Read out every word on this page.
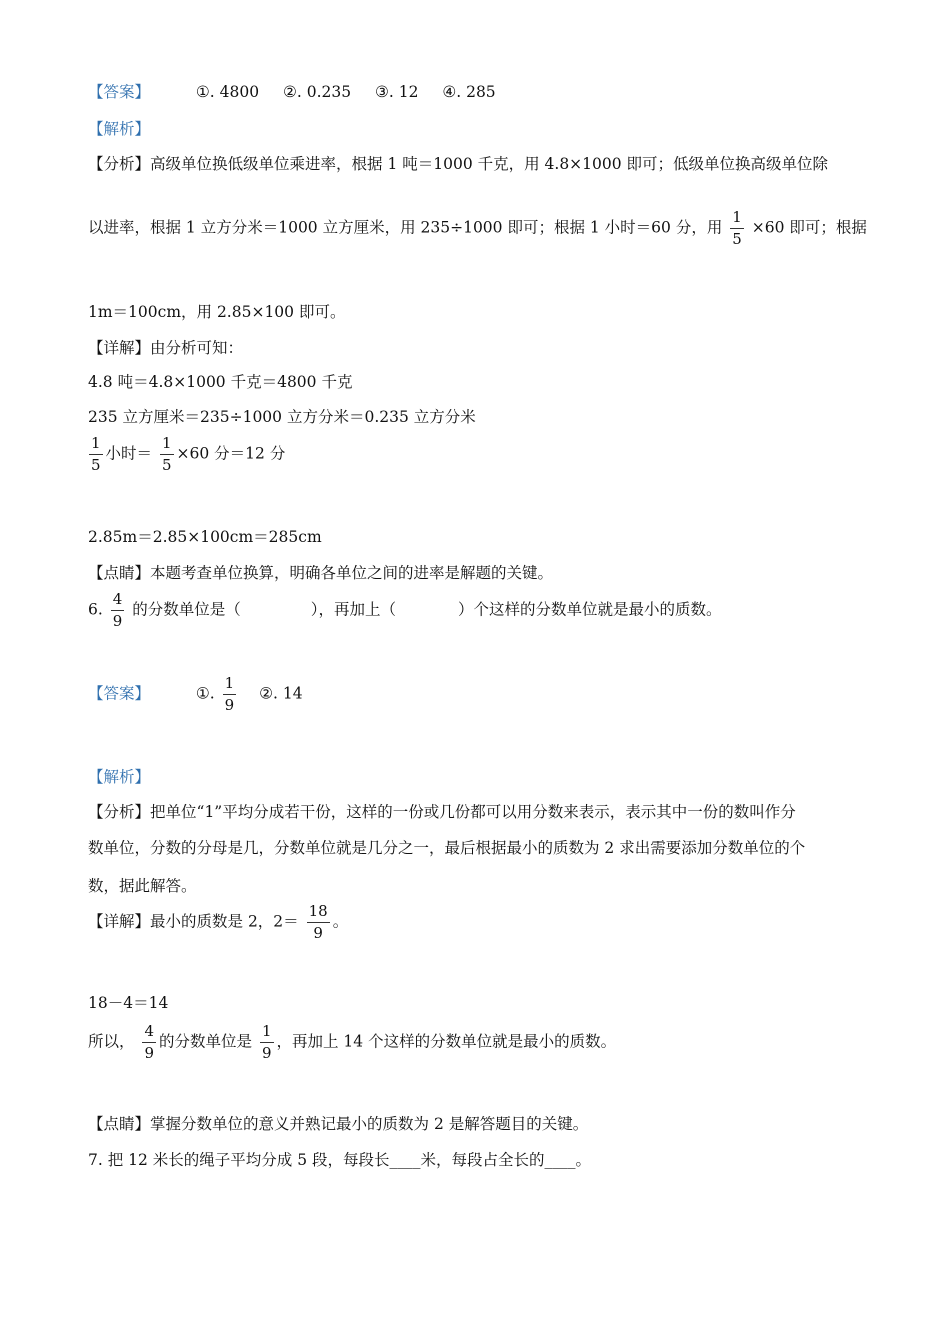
【答案】	①. 4800 ②. 0.235 ③. 12 ④. 285
【解析】
【分析】高级单位换低级单位乘进率，根据 1 吨＝1000 千克，用 4.8×1000 即可；低级单位换高级单位除
以进率，根据 1 立方分米＝1000 立方厘米，用 235÷1000 即可；根据 1 小时＝60 分，用 $\frac{1}{5} \times 60$ 即可；根据
1m＝100cm，用 2.85×100 即可。
【详解】由分析可知：
4.8 吨＝4.8×1000 千克＝4800 千克
235 立方厘米＝235÷1000 立方分米＝0.235 立方分米
$\frac{1}{5}$ 小时＝ $\frac{1}{5} \times 60$ 分＝12 分
2.85m＝2.85×100cm＝285cm
【点睛】本题考查单位换算，明确各单位之间的进率是解题的关键。
6. $\frac{4}{9}$ 的分数单位是（	），再加上（	）个这样的分数单位就是最小的质数。
【答案】	①. $\frac{1}{9}$ ②. 14
【解析】
【分析】把单位“1”平均分成若干份，这样的一份或几份都可以用分数来表示，表示其中一份的数叫作分
数单位，分数的分母是几，分数单位就是几分之一，最后根据最小的质数为 2 求出需要添加分数单位的个
数，据此解答。
【详解】最小的质数是 2，$2= \frac{18}{9}$ 。
18－4＝14
所以， $\frac{4}{9}$ 的分数单位是 $\frac{1}{9}$ ，再加上 14 个这样的分数单位就是最小的质数。
【点睛】掌握分数单位的意义并熟记最小的质数为 2 是解答题目的关键。
7. 把 12 米长的绳子平均分成 5 段，每段长____米，每段占全长的____。
